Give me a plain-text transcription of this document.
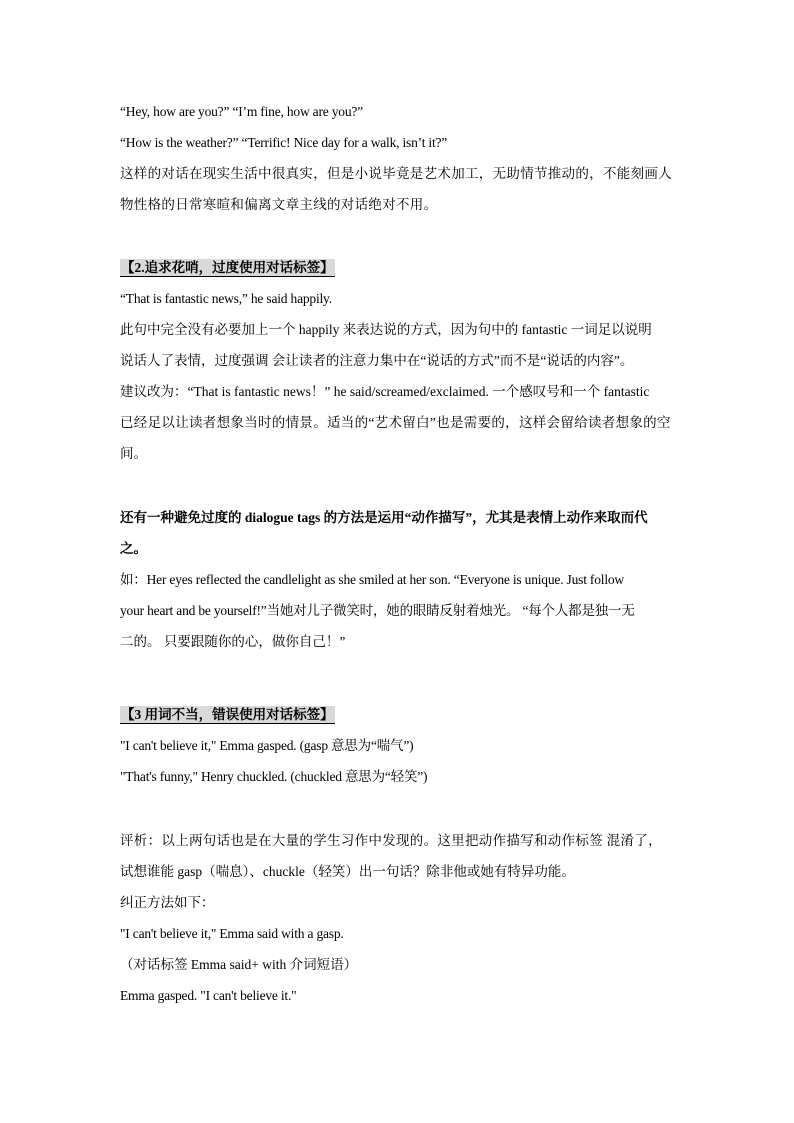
“Hey, how are you?” “I’m fine, how are you?”
“How is the weather?” “Terrific! Nice day for a walk, isn’t it?”
这样的对话在现实生活中很真实，但是小说毕竟是艺术加工，无助情节推动的，不能刻画人
物性格的日常寒暄和偏离文章主线的对话绝对不用。
【2.追求花哨，过度使用对话标签】
“That is fantastic news,” he said happily.
此句中完全没有必要加上一个 happily 来表达说的方式，因为句中的 fantastic 一词足以说明
说话人了表情，过度强调 会让读者的注意力集中在“说话的方式”而不是“说话的内容”。
建议改为：“That is fantastic news！” he said/screamed/exclaimed. 一个感叹号和一个 fantastic
已经足以让读者想象当时的情景。适当的“艺术留白”也是需要的，这样会留给读者想象的空
间。
还有一种避免过度的 dialogue tags 的方法是运用“动作描写”，尤其是表情上动作来取而代
之。
如：Her eyes reflected the candlelight as she smiled at her son. “Everyone is unique. Just follow
your heart and be yourself!”当她对儿子微笑时，她的眼睛反射着烛光。 “每个人都是独一无
二的。 只要跟随你的心，做你自己！”
【3 用词不当，错误使用对话标签】
"I can't believe it," Emma gasped. (gasp 意思为“喘气”)
"That's funny," Henry chuckled. (chuckled 意思为“轻笑”)
评析：以上两句话也是在大量的学生习作中发现的。这里把动作描写和动作标签 混淆了，
试想谁能 gasp（喘息）、chuckle（轻笑）出一句话？除非他或她有特异功能。
纠正方法如下：
"I can't believe it," Emma said with a gasp.
（对话标签 Emma said+ with 介词短语）
Emma gasped. "I can't believe it."
